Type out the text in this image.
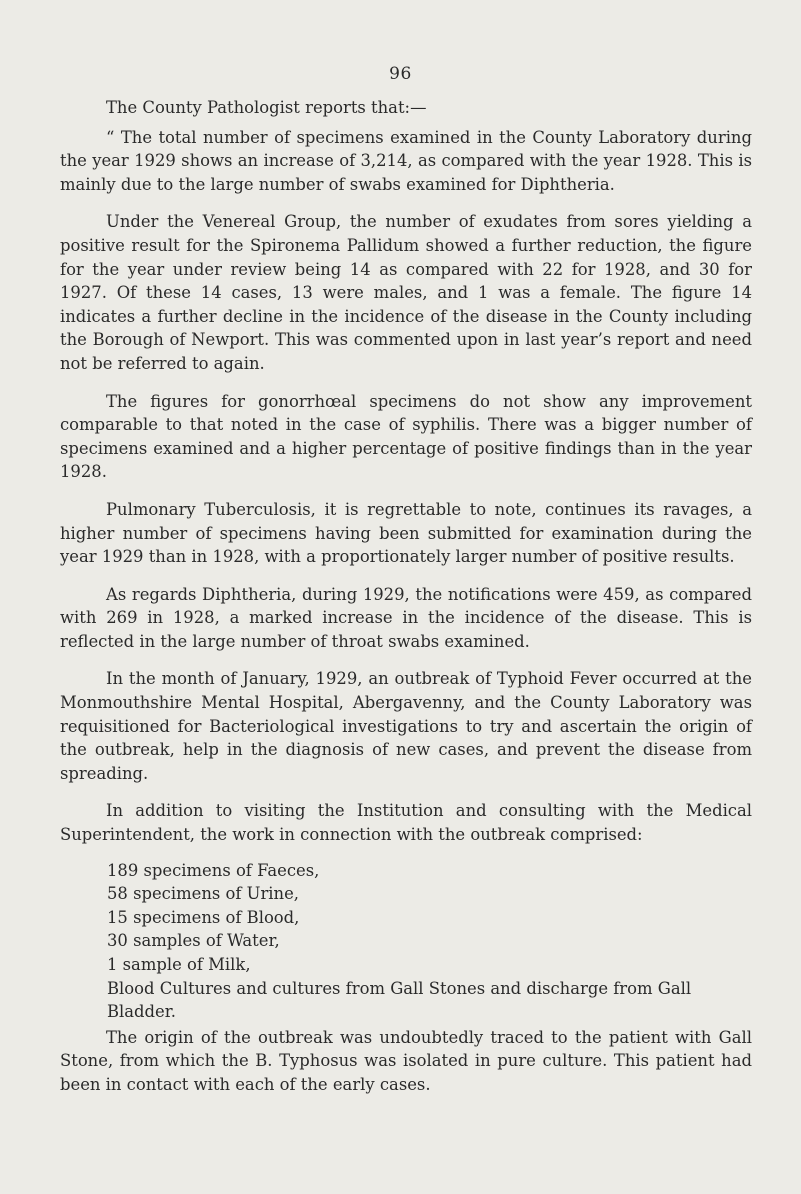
96

The County Pathologist reports that:—

“ The total number of specimens examined in the County Laboratory during the year 1929 shows an increase of 3,214, as compared with the year 1928. This is mainly due to the large number of swabs examined for Diphtheria.

Under the Venereal Group, the number of exudates from sores yielding a positive result for the Spironema Pallidum showed a further reduction, the figure for the year under review being 14 as compared with 22 for 1928, and 30 for 1927. Of these 14 cases, 13 were males, and 1 was a female. The figure 14 indicates a further decline in the incidence of the disease in the County including the Borough of Newport. This was commented upon in last year’s report and need not be referred to again.

The figures for gonorrhœal specimens do not show any improvement comparable to that noted in the case of syphilis. There was a bigger number of specimens examined and a higher percentage of positive findings than in the year 1928.

Pulmonary Tuberculosis, it is regrettable to note, continues its ravages, a higher number of specimens having been submitted for examination during the year 1929 than in 1928, with a proportionately larger number of positive results.

As regards Diphtheria, during 1929, the notifications were 459, as compared with 269 in 1928, a marked increase in the incidence of the disease. This is reflected in the large number of throat swabs examined.

In the month of January, 1929, an outbreak of Typhoid Fever occurred at the Monmouthshire Mental Hospital, Abergavenny, and the County Laboratory was requisitioned for Bacteriological investigations to try and ascertain the origin of the outbreak, help in the diagnosis of new cases, and prevent the disease from spreading.

In addition to visiting the Institution and consulting with the Medical Superintendent, the work in connection with the outbreak comprised:

189 specimens of Faeces,
58 specimens of Urine,
15 specimens of Blood,
30 samples of Water,
1 sample of Milk,
Blood Cultures and cultures from Gall Stones and discharge from Gall Bladder.

The origin of the outbreak was undoubtedly traced to the patient with Gall Stone, from which the B. Typhosus was isolated in pure culture. This patient had been in contact with each of the early cases.
